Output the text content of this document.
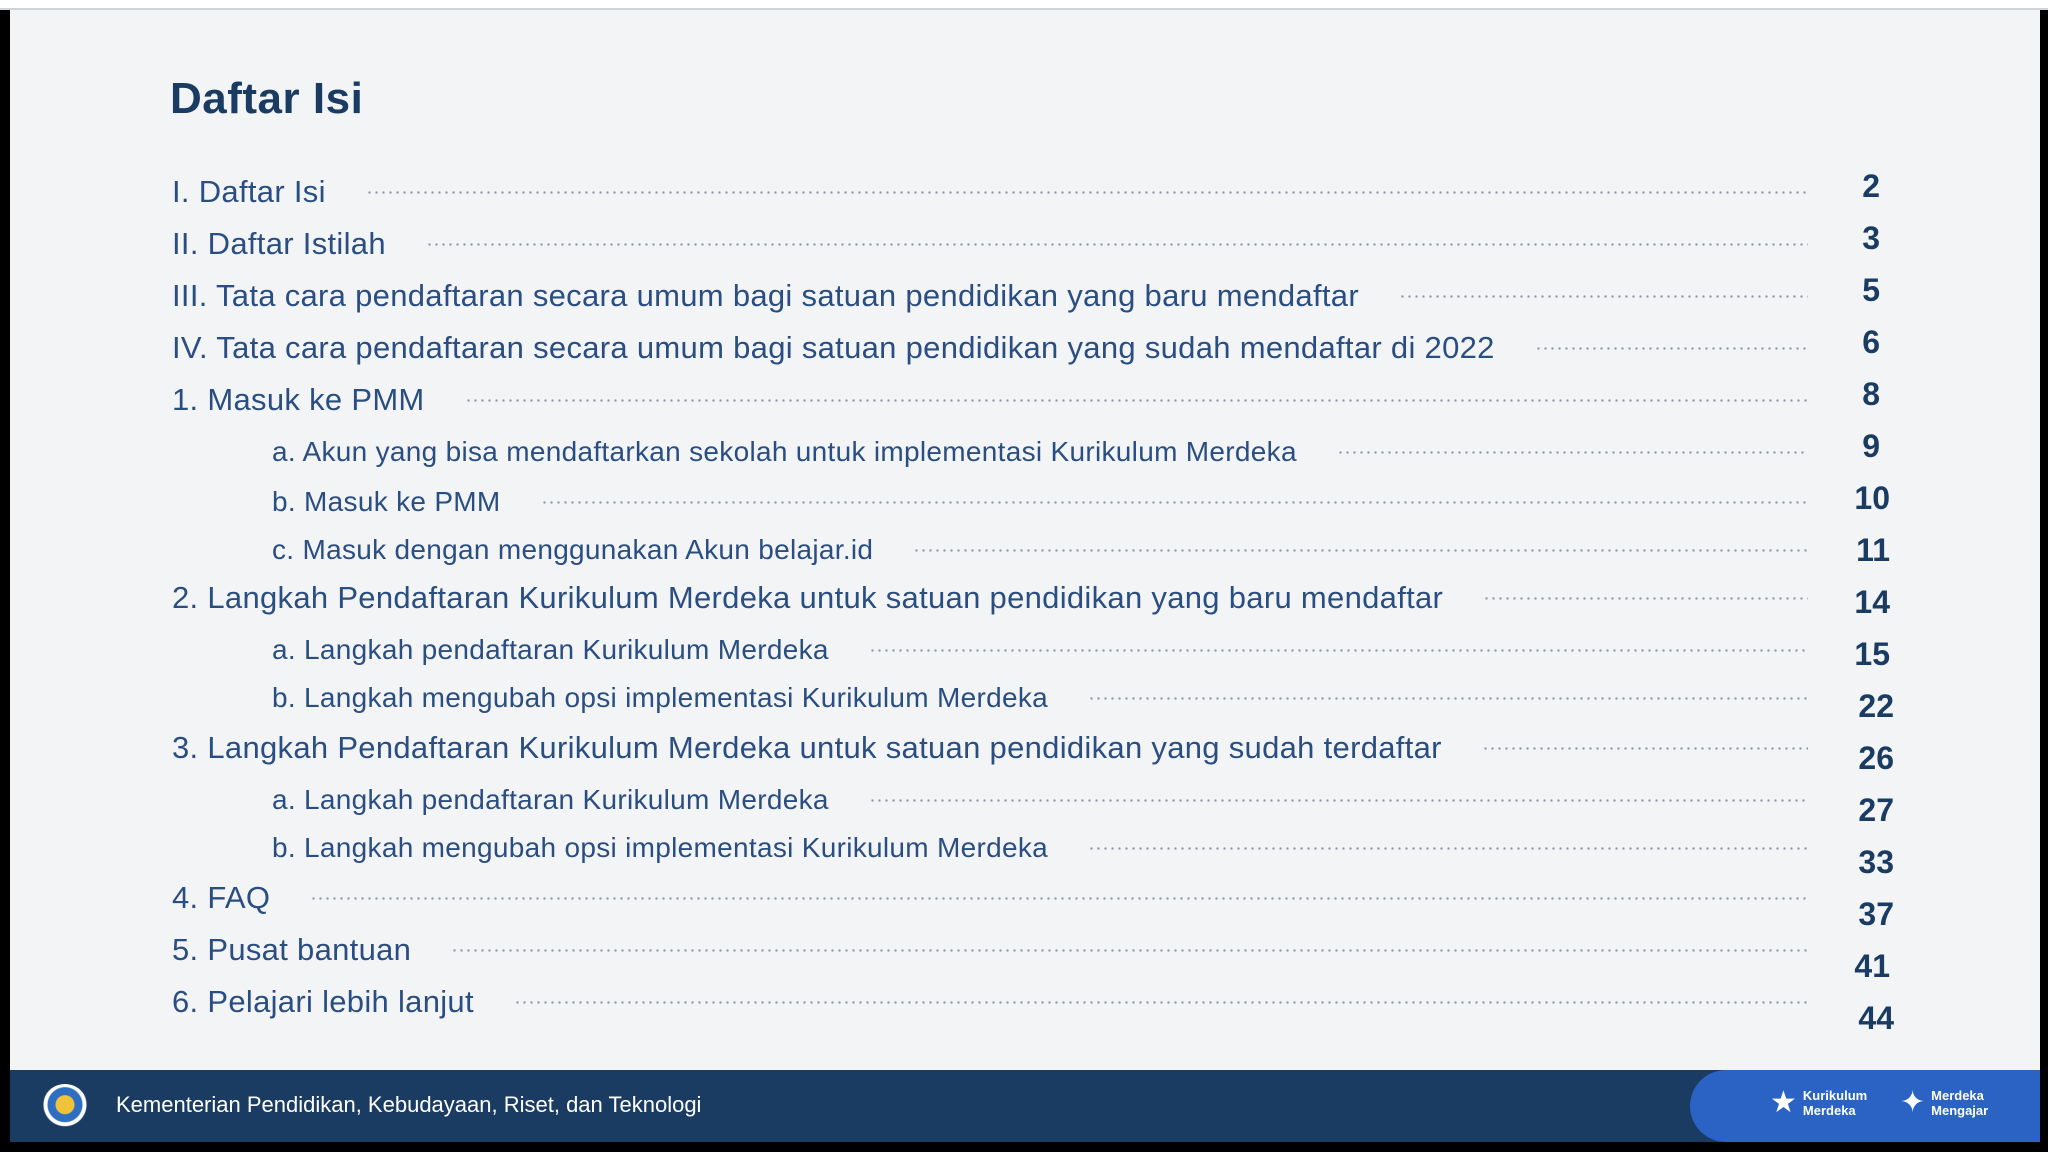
Daftar Isi
I. Daftar Isi	2
II. Daftar Istilah	3
III. Tata cara pendaftaran secara umum bagi satuan pendidikan yang baru mendaftar	5
IV. Tata cara pendaftaran secara umum bagi satuan pendidikan yang sudah mendaftar di 2022	6
1. Masuk ke PMM	8
a. Akun yang bisa mendaftarkan sekolah untuk implementasi Kurikulum Merdeka	9
b. Masuk ke PMM	10
c. Masuk dengan menggunakan Akun belajar.id	11
2. Langkah Pendaftaran Kurikulum Merdeka untuk satuan pendidikan yang baru mendaftar	14
a. Langkah pendaftaran Kurikulum Merdeka	15
b. Langkah mengubah opsi implementasi Kurikulum Merdeka	22
3. Langkah Pendaftaran Kurikulum Merdeka untuk satuan pendidikan yang sudah terdaftar	26
a. Langkah pendaftaran Kurikulum Merdeka	27
b. Langkah mengubah opsi implementasi Kurikulum Merdeka	33
4. FAQ	37
5. Pusat bantuan	41
6. Pelajari lebih lanjut	44
Kementerian Pendidikan, Kebudayaan, Riset, dan Teknologi	★ Kurikulum
Merdeka	✦ Merdeka
Mengajar
